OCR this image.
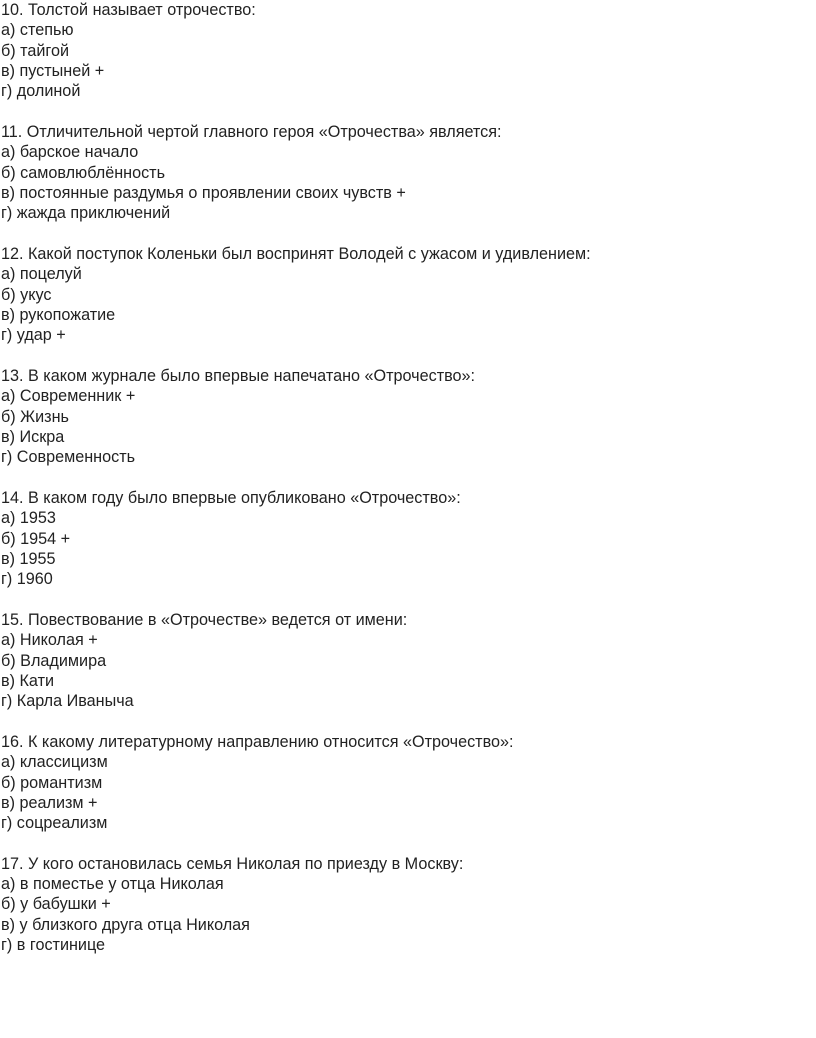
10. Толстой называет отрочество:
а) степью
б) тайгой
в) пустыней +
г) долиной
11. Отличительной чертой главного героя «Отрочества» является:
а) барское начало
б) самовлюблённость
в) постоянные раздумья о проявлении своих чувств +
г) жажда приключений
12. Какой поступок Коленьки был воспринят Володей с ужасом и удивлением:
а) поцелуй
б) укус
в) рукопожатие
г) удар +
13. В каком журнале было впервые напечатано «Отрочество»:
а) Современник +
б) Жизнь
в) Искра
г) Современность
14. В каком году было впервые опубликовано «Отрочество»:
а) 1953
б) 1954 +
в) 1955
г) 1960
15. Повествование в «Отрочестве» ведется от имени:
а) Николая +
б) Владимира
в) Кати
г) Карла Иваныча
16. К какому литературному направлению относится «Отрочество»:
а) классицизм
б) романтизм
в) реализм +
г) соцреализм
17. У кого остановилась семья Николая по приезду в Москву:
а) в поместье у отца Николая
б) у бабушки +
в) у близкого друга отца Николая
г) в гостинице
